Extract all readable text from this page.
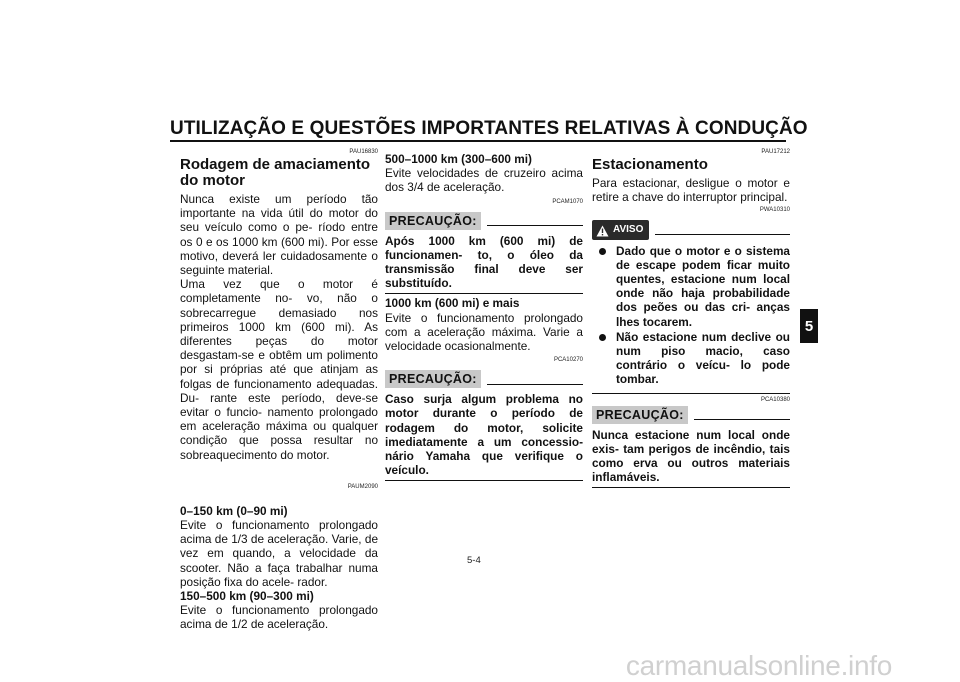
UTILIZAÇÃO E QUESTÕES IMPORTANTES RELATIVAS À CONDUÇÃO
5
PAU16830
Rodagem de amaciamento do motor

Nunca existe um período tão importante na vida útil do motor do seu veículo como o pe- ríodo entre os 0 e os 1000 km (600 mi). Por esse motivo, deverá ler cuidadosamente o seguinte material.

Uma vez que o motor é completamente no- vo, não o sobrecarregue demasiado nos primeiros 1000 km (600 mi). As diferentes peças do motor desgastam-se e obtêm um polimento por si próprias até que atinjam as folgas de funcionamento adequadas. Du- rante este período, deve-se evitar o funcio- namento prolongado em aceleração máxima ou qualquer condição que possa resultar no sobreaquecimento do motor.

PAUM2090
0–150 km (0–90 mi)

Evite o funcionamento prolongado acima de 1/3 de aceleração. Varie, de vez em quando, a velocidade da scooter. Não a faça trabalhar numa posição fixa do acele- rador.

150–500 km (90–300 mi)

Evite o funcionamento prolongado acima de 1/2 de aceleração.

500–1000 km (300–600 mi)

Evite velocidades de cruzeiro acima dos 3/4 de aceleração.

PCAM1070
PRECAUÇÃO:
Após 1000 km (600 mi) de funcionamen- to, o óleo da transmissão final deve ser substituído.
1000 km (600 mi) e mais

Evite o funcionamento prolongado com a aceleração máxima. Varie a velocidade ocasionalmente.

PCA10270
PRECAUÇÃO:
Caso surja algum problema no motor durante o período de rodagem do motor, solicite imediatamente a um concessio- nário Yamaha que verifique o veículo.
PAU17212
Estacionamento

Para estacionar, desligue o motor e retire a chave do interruptor principal.

PWA10310
AVISO
Dado que o motor e o sistema de escape podem ficar muito quentes, estacione num local onde não haja probabilidade dos peões ou das cri- anças lhes tocarem.
Não estacione num declive ou num piso macio, caso contrário o veícu- lo pode tombar.
PCA10380
PRECAUÇÃO:
Nunca estacione num local onde exis- tam perigos de incêndio, tais como erva ou outros materiais inflamáveis.
5-4
carmanualsonline.info
